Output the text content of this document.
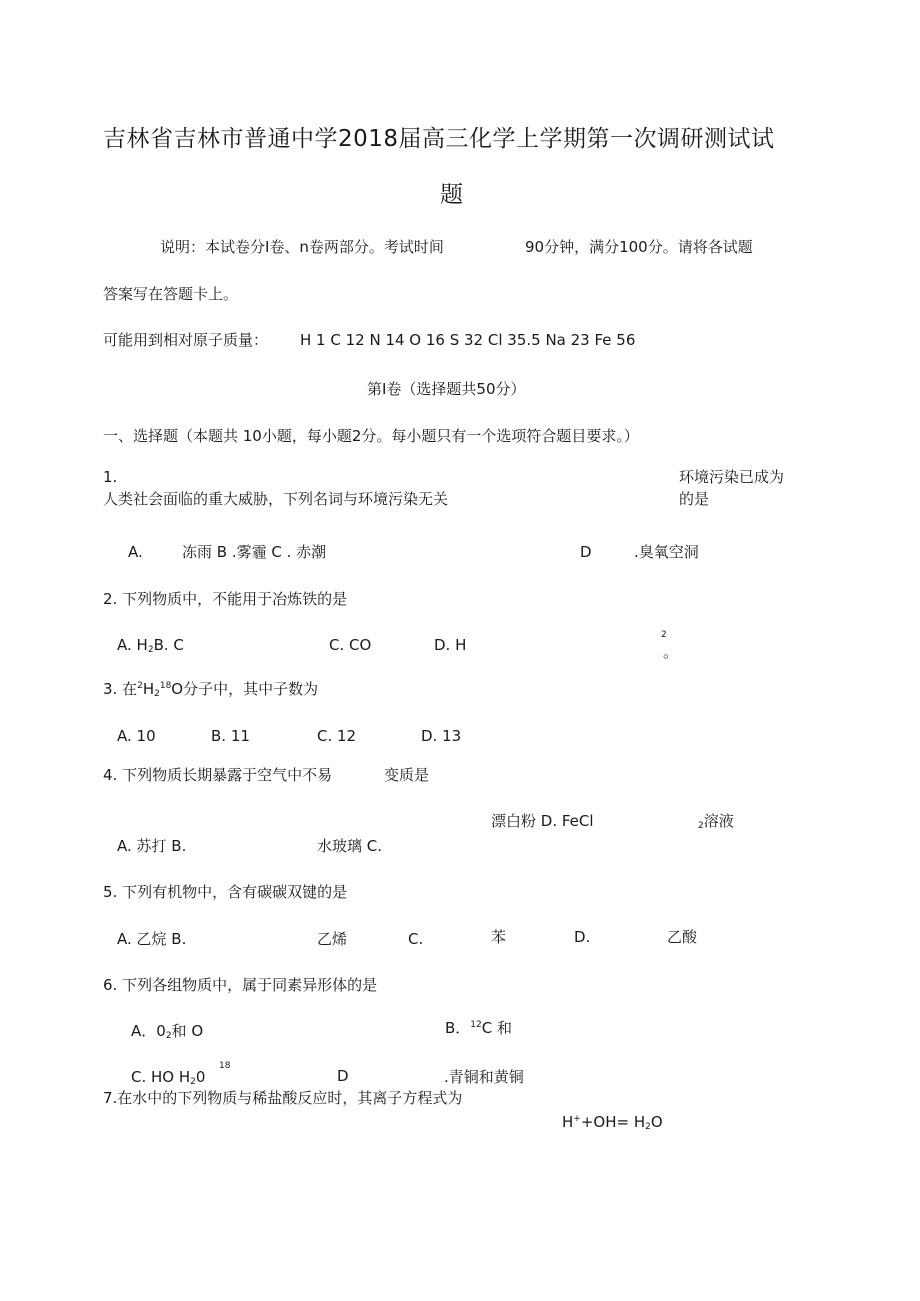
吉林省吉林市普通中学2018届高三化学上学期第一次调研测试试
题
说明：本试卷分Ⅰ卷、n卷两部分。考试时间	90分钟，满分100分。请将各试题
答案写在答题卡上。
可能用到相对原子质量： H 1 C 12 N 14 O 16 S 32 Cl 35.5 Na 23 Fe 56
第Ⅰ卷（选择题共50分）
一、选择题（本题共 10小题，每小题2分。每小题只有一个选项符合题目要求。）
1.	环境污染已成为
人类社会面临的重大威胁，下列名词与环境污染无关	的是
A.	冻雨 B .雾霾 C . 赤潮	D	.臭氧空洞
2. 下列物质中，不能用于冶炼铁的是
A. $H_2B$. C	C. CO	D. H
2
。
3. 在$^2H_2^{18}O$分子中，其中子数为
A. 10	B. 11	C. 12	D. 13
4. 下列物质长期暴露于空气中不易	变质是
漂白粉 D. FeCl	$_2$溶液
A. 苏打 B.	水玻璃 C.
5. 下列有机物中，含有碳碳双键的是
A. 乙烷 B.	乙烯	C.	苯	D.	乙酸
6. 下列各组物质中，属于同素异形体的是
A．$0_2$和 O	B．$^{12}$C 和
C. HO $H_20$
18
D	.青铜和黄铜
7.在水中的下列物质与稀盐酸反应时，其离子方程式为
$H^++OH= H_2O$
